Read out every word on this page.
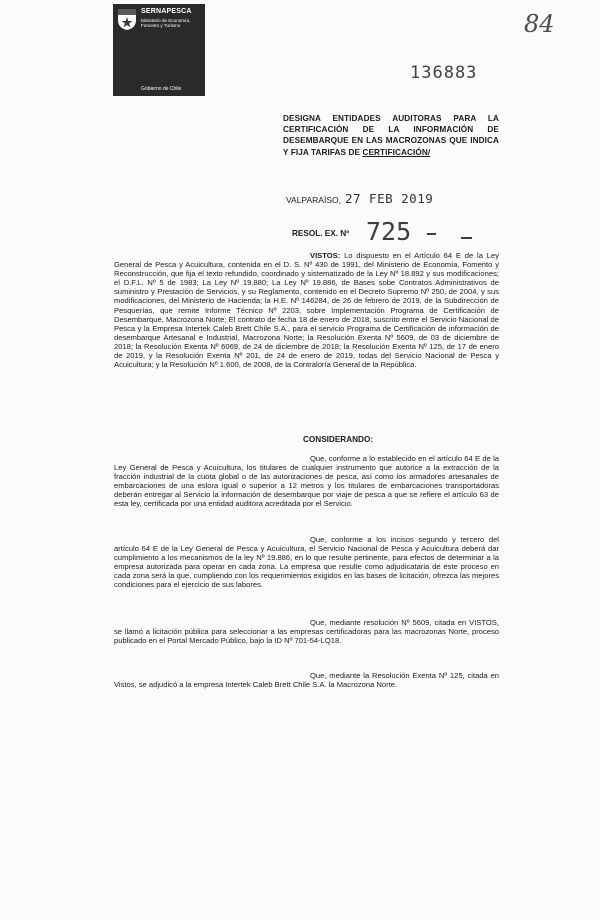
SERNAPESCA
Ministerio de Economía, Fomento y Turismo
Gobierno de Chile
84
136883
DESIGNA ENTIDADES AUDITORAS PARA LA CERTIFICACIÓN DE LA INFORMACIÓN DE DESEMBARQUE EN LAS MACROZONAS QUE INDICA Y FIJA TARIFAS DE CERTIFICACIÓN/
VALPARAÍSO, 27 FEB 2019
RESOL. EX. Nº 725
VISTOS: Lo dispuesto en el Artículo 64 E de la Ley General de Pesca y Acuicultura, contenida en el D. S. Nº 430 de 1991, del Ministerio de Economía, Fomento y Reconstrucción, que fija el texto refundido, coordinado y sistematizado de la Ley Nº 18.892 y sus modificaciones; el D.F.L. Nº 5 de 1983; La Ley Nº 19.880; La Ley Nº 19.886, de Bases sobe Contratos Administrativos de suministro y Prestación de Servicios, y su Reglamento, contenido en el Decreto Supremo Nº 250, de 2004, y sus modificaciones, del Ministerio de Hacienda; la H.E. Nº 146284, de 26 de febrero de 2019, de la Subdirección de Pesquerías, que remite Informe Técnico Nº 2203, sobre Implementación Programa de Certificación de Desembarque, Macrozona Norte; El contrato de fecha 18 de enero de 2018, suscrito entre el Servicio Nacional de Pesca y la Empresa Intertek Caleb Brett Chile S.A., para el servicio Programa de Certificación de información de desembarque Artesanal e Industrial, Macrozona Norte; la Resolución Exenta Nº 5609, de 03 de diciembre de 2018; la Resolución Exenta Nº 6069, de 24 de diciembre de 2018; la Resolución Exenta Nº 125, de 17 de enero de 2019, y la Resolución Exenta Nº 201, de 24 de enero de 2019, todas del Servicio Nacional de Pesca y Acuicultura; y la Resolución Nº 1.600, de 2008, de la Contraloría General de la República.
CONSIDERANDO:
Que, conforme a lo establecido en el artículo 64 E de la Ley General de Pesca y Acuicultura, los titulares de cualquier instrumento que autorice a la extracción de la fracción industrial de la cuota global o de las autorizaciones de pesca, así como los armadores artesanales de embarcaciones de una eslora igual o superior a 12 metros y los titulares de embarcaciones transportadoras deberán entregar al Servicio la información de desembarque por viaje de pesca a que se refiere el artículo 63 de esta ley, certificada por una entidad auditora acreditada por el Servicio.
Que, conforme a los incisos segundo y tercero del artículo 64 E de la Ley General de Pesca y Acuicultura, el Servicio Nacional de Pesca y Acuicultura deberá dar cumplimiento a los mecanismos de la ley Nº 19.886, en lo que resulte pertinente, para efectos de determinar a la empresa autorizada para operar en cada zona. La empresa que resulte como adjudicataria de este proceso en cada zona será la que, cumpliendo con los requerimientos exigidos en las bases de licitación, ofrezca las mejores condiciones para el ejercicio de sus labores.
Que, mediante resolución Nº 5609, citada en VISTOS, se llamó a licitación pública para seleccionar a las empresas certificadoras para las macrozonas Norte, proceso publicado en el Portal Mercado Público, bajo la ID Nº 701-54-LQ18.
Que, mediante la Resolución Exenta Nº 125, citada en Vistos, se adjudicó a la empresa Intertek Caleb Brett Chile S.A. la Macrozona Norte.
